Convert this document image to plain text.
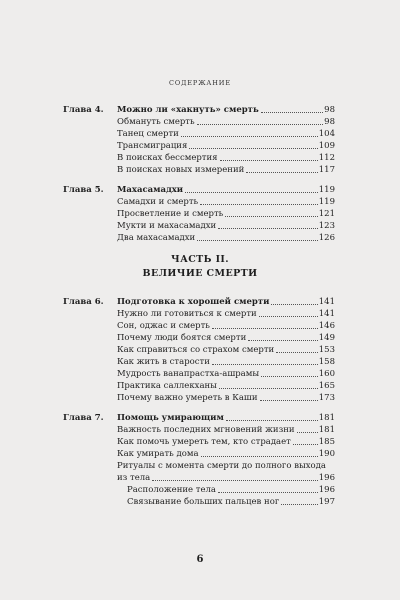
СОДЕРЖАНИЕ
Глава 4. Можно ли «хакнуть» смерть	98
Обмануть смерть	98
Танец смерти	104
Трансмиграция	109
В поисках бессмертия	112
В поисках новых измерений	117
Глава 5. Махасамадхи	119
Самадхи и смерть	119
Просветление и смерть	121
Мукти и махасамадхи	123
Два махасамадхи	126
ЧАСТЬ II.
ВЕЛИЧИЕ СМЕРТИ
Глава 6. Подготовка к хорошей смерти	141
Нужно ли готовиться к смерти	141
Сон, оджас и смерть	146
Почему люди боятся смерти	149
Как справиться со страхом смерти	153
Как жить в старости	158
Мудрость ванапрастха-ашрамы	160
Практика саллекханы	165
Почему важно умереть в Каши	173
Глава 7. Помощь умирающим	181
Важность последних мгновений жизни	181
Как помочь умереть тем, кто страдает	185
Как умирать дома	190
Ритуалы с момента смерти до полного выхода
из тела	196
Расположение тела	196
Связывание больших пальцев ног	197
6
